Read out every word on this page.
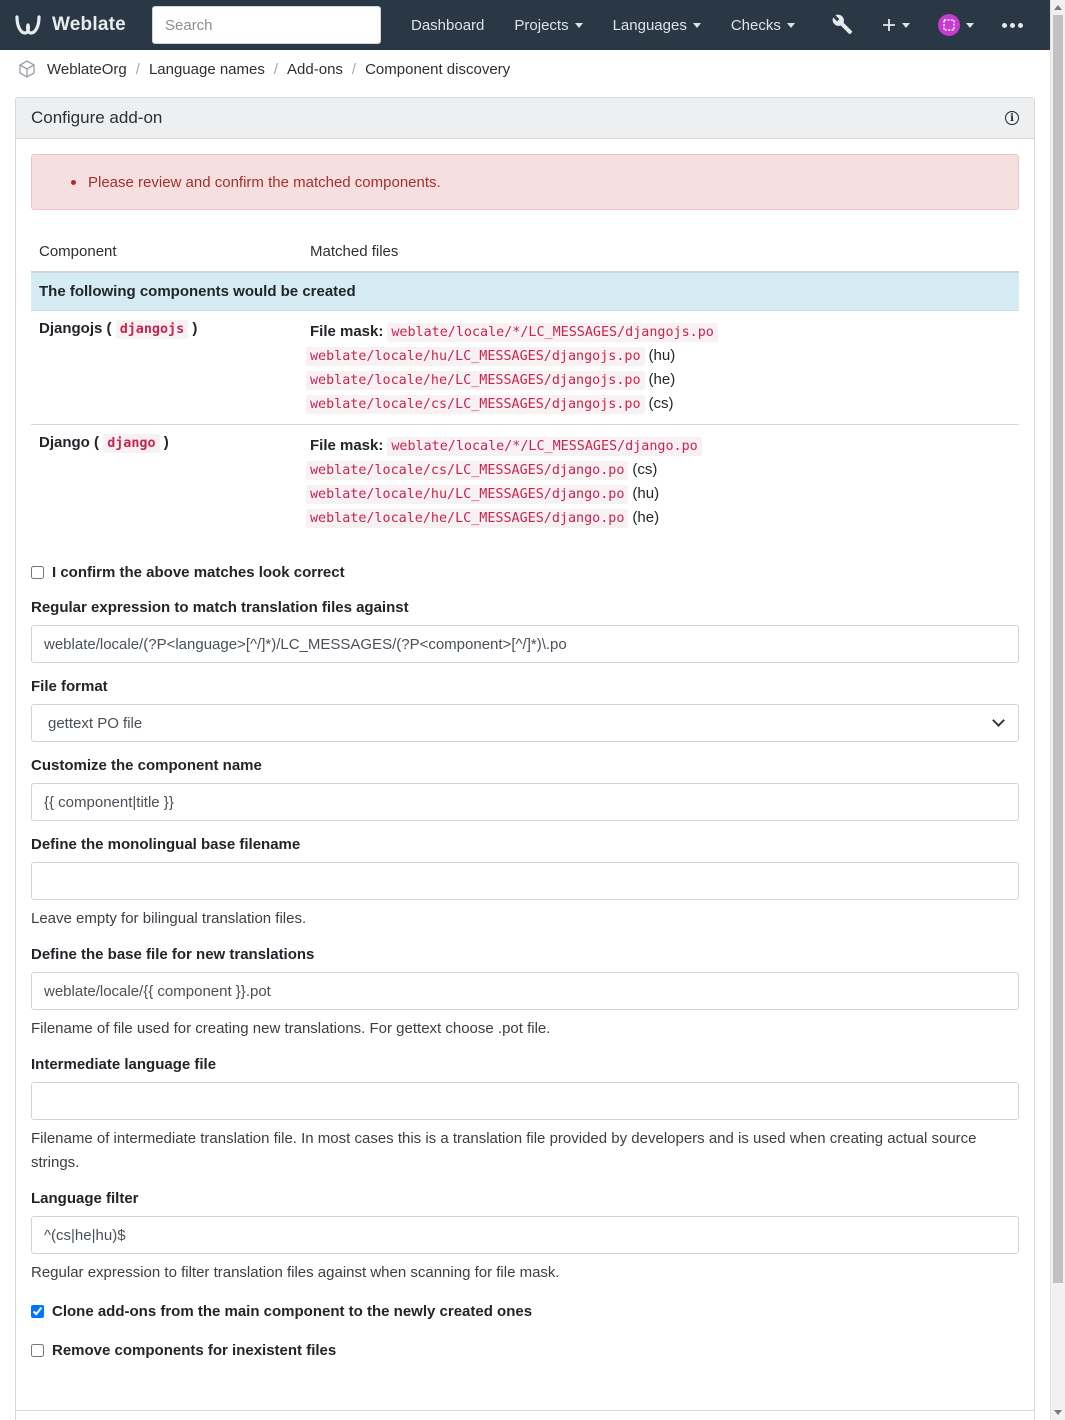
Weblate	Search	Dashboard Projects	Languages	Checks
WeblateOrg / Language names / Add-ons / Component discovery
Configure add-on	i
Please review and confirm the matched components.
Component	Matched files
The following components would be created	
Djangojs ( djangojs )	File mask: weblate/locale/*/LC_MESSAGES/djangojs.po
weblate/locale/hu/LC_MESSAGES/djangojs.po (hu)
weblate/locale/he/LC_MESSAGES/djangojs.po (he)
weblate/locale/cs/LC_MESSAGES/djangojs.po (cs)

Django ( django )	File mask: weblate/locale/*/LC_MESSAGES/django.po
weblate/locale/cs/LC_MESSAGES/django.po (cs)
weblate/locale/hu/LC_MESSAGES/django.po (hu)
weblate/locale/he/LC_MESSAGES/django.po (he)
I confirm the above matches look correct
Regular expression to match translation files against
weblate/locale/(?P<language>[^/]*)/LC_MESSAGES/(?P<component>[^/]*)\.po
File format
gettext PO file
Customize the component name
{{ component|title }}
Define the monolingual base filename
Leave empty for bilingual translation files.
Define the base file for new translations
weblate/locale/{{ component }}.pot
Filename of file used for creating new translations. For gettext choose .pot file.
Intermediate language file
Filename of intermediate translation file. In most cases this is a translation file provided by developers and is used when creating actual source strings.
Language filter
^(cs|he|hu)$
Regular expression to filter translation files against when scanning for file mask.
Clone add-ons from the main component to the newly created ones
Remove components for inexistent files
